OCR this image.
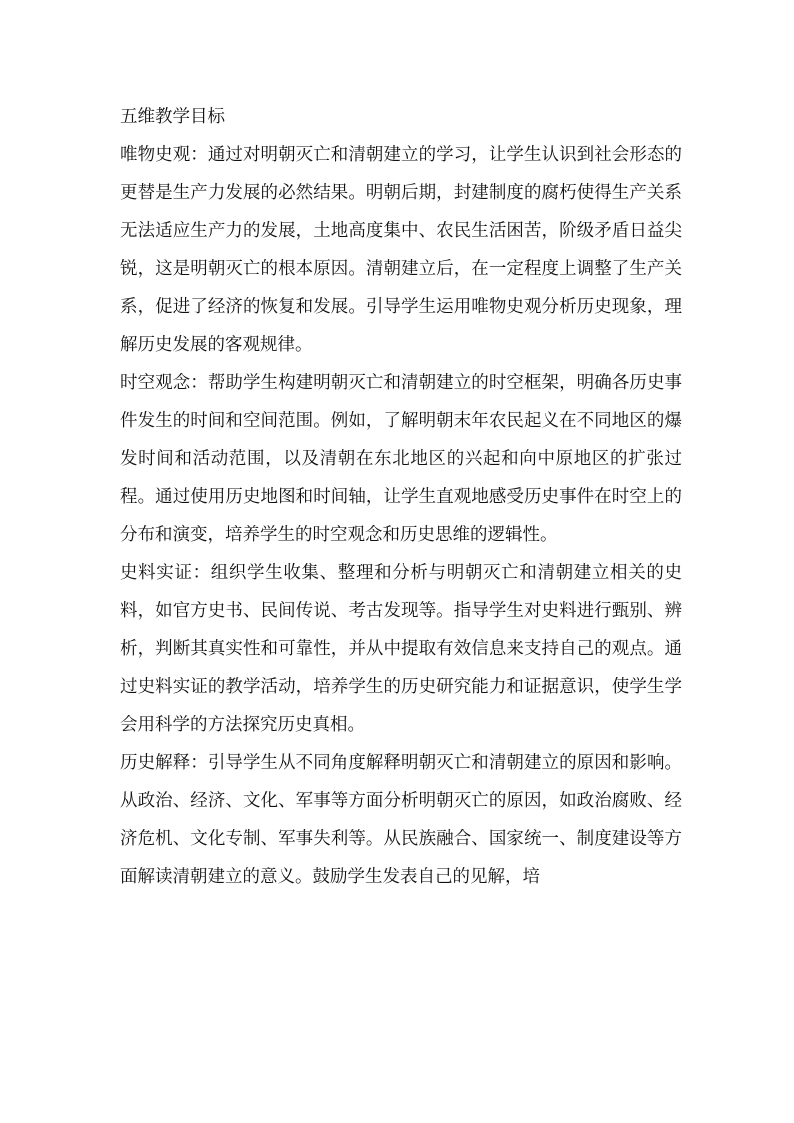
五维教学目标

唯物史观：通过对明朝灭亡和清朝建立的学习，让学生认识到社会形态的更替是生产力发展的必然结果。明朝后期，封建制度的腐朽使得生产关系无法适应生产力的发展，土地高度集中、农民生活困苦，阶级矛盾日益尖锐，这是明朝灭亡的根本原因。清朝建立后，在一定程度上调整了生产关系，促进了经济的恢复和发展。引导学生运用唯物史观分析历史现象，理解历史发展的客观规律。

时空观念：帮助学生构建明朝灭亡和清朝建立的时空框架，明确各历史事件发生的时间和空间范围。例如，了解明朝末年农民起义在不同地区的爆发时间和活动范围，以及清朝在东北地区的兴起和向中原地区的扩张过程。通过使用历史地图和时间轴，让学生直观地感受历史事件在时空上的分布和演变，培养学生的时空观念和历史思维的逻辑性。

史料实证：组织学生收集、整理和分析与明朝灭亡和清朝建立相关的史料，如官方史书、民间传说、考古发现等。指导学生对史料进行甄别、辨析，判断其真实性和可靠性，并从中提取有效信息来支持自己的观点。通过史料实证的教学活动，培养学生的历史研究能力和证据意识，使学生学会用科学的方法探究历史真相。

历史解释：引导学生从不同角度解释明朝灭亡和清朝建立的原因和影响。从政治、经济、文化、军事等方面分析明朝灭亡的原因，如政治腐败、经济危机、文化专制、军事失利等。从民族融合、国家统一、制度建设等方面解读清朝建立的意义。鼓励学生发表自己的见解，培
